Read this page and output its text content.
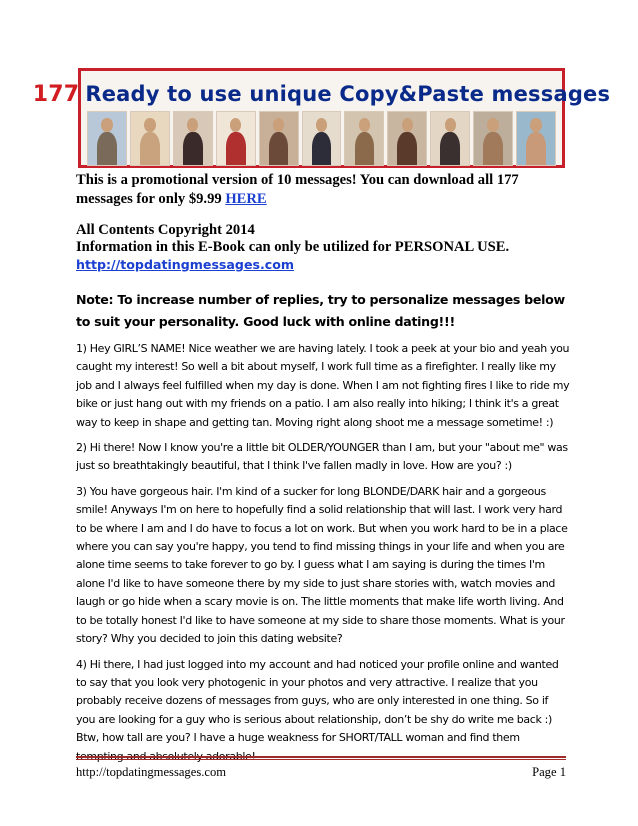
177 Ready to use unique Copy&Paste messages
This is a promotional version of 10 messages! You can download all 177 messages for only $9.99 HERE
All Contents Copyright 2014
Information in this E-Book can only be utilized for PERSONAL USE.
http://topdatingmessages.com
Note: To increase number of replies, try to personalize messages below to suit your personality. Good luck with online dating!!!

1) Hey GIRL’S NAME! Nice weather we are having lately. I took a peek at your bio and yeah you caught my interest! So well a bit about myself, I work full time as a firefighter. I really like my job and I always feel fulfilled when my day is done. When I am not fighting fires I like to ride my bike or just hang out with my friends on a patio. I am also really into hiking; I think it's a great way to keep in shape and getting tan. Moving right along shoot me a message sometime! :)

2) Hi there! Now I know you're a little bit OLDER/YOUNGER than I am, but your "about me" was just so breathtakingly beautiful, that I think I've fallen madly in love. How are you? :)

3) You have gorgeous hair. I'm kind of a sucker for long BLONDE/DARK hair and a gorgeous smile! Anyways I'm on here to hopefully find a solid relationship that will last. I work very hard to be where I am and I do have to focus a lot on work. But when you work hard to be in a place where you can say you're happy, you tend to find missing things in your life and when you are alone time seems to take forever to go by. I guess what I am saying is during the times I'm alone I'd like to have someone there by my side to just share stories with, watch movies and laugh or go hide when a scary movie is on. The little moments that make life worth living. And to be totally honest I'd like to have someone at my side to share those moments. What is your story? Why you decided to join this dating website?

4) Hi there, I had just logged into my account and had noticed your profile online and wanted to say that you look very photogenic in your photos and very attractive. I realize that you probably receive dozens of messages from guys, who are only interested in one thing. So if you are looking for a guy who is serious about relationship, don’t be shy do write me back :)
Btw, how tall are you? I have a huge weakness for SHORT/TALL woman and find them

http://topdatingmessages.com	Page 1
